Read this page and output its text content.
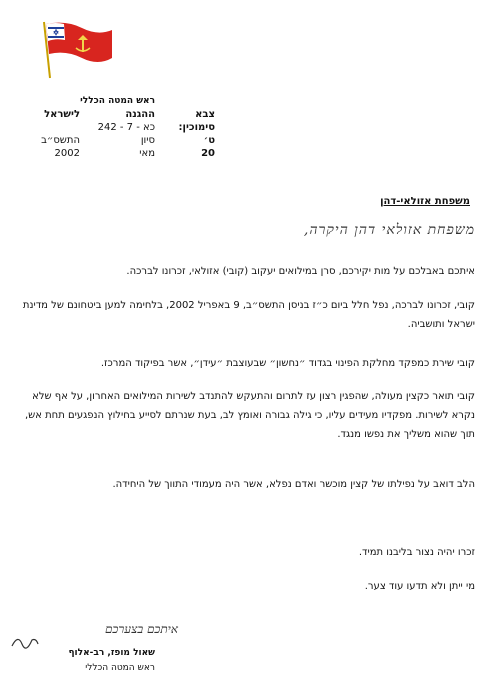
ראש המטה הכללי
צבא
סימוכין:
ט׳
20
ההגנה
כא - 7 - 242
סיון
מאי
לישראל
התשס״ב
2002
משפחת אזולאי-דהן
משפחת אזולאי דהן היקרה,
איתכם באבלכם על מות יקירכם, סרן במילואים יעקוב (קובי) אזולאי, זכרונו לברכה.
קובי, זכרונו לברכה, נפל חלל ביום כ״ז בניסן התשס״ב, 9 באפריל 2002, בלחימה למען ביטחונם של מדינת ישראל ותושביה.
קובי שירת כמפקד מחלקת הפינוי בגדוד ״נחשון״ שבעוצבת ״עידן״, אשר בפיקוד המרכז.
קובי תואר כקצין מעולה, שהפגין רצון עז לתרום והתעקש להתנדב לשירות המילואים האחרון, על אף שלא נקרא לשירות. מפקדיו מעידים עליו, כי גילה גבורה ואומץ לב, בעת שנרתם לסייע בחילוץ הנפגעים תחת אש, תוך שהוא משליך את נפשו מנגד.
הלב דואב על נפילתו של קצין מוכשר ואדם נפלא, אשר היה מעמודי התווך של היחידה.
זכרו יהיה נצור בליבנו תמיד.
מי ייתן ולא תדעו עוד צער.
איתכם בצערכם
שאול מופז, רב-אלוף
ראש המטה הכללי
